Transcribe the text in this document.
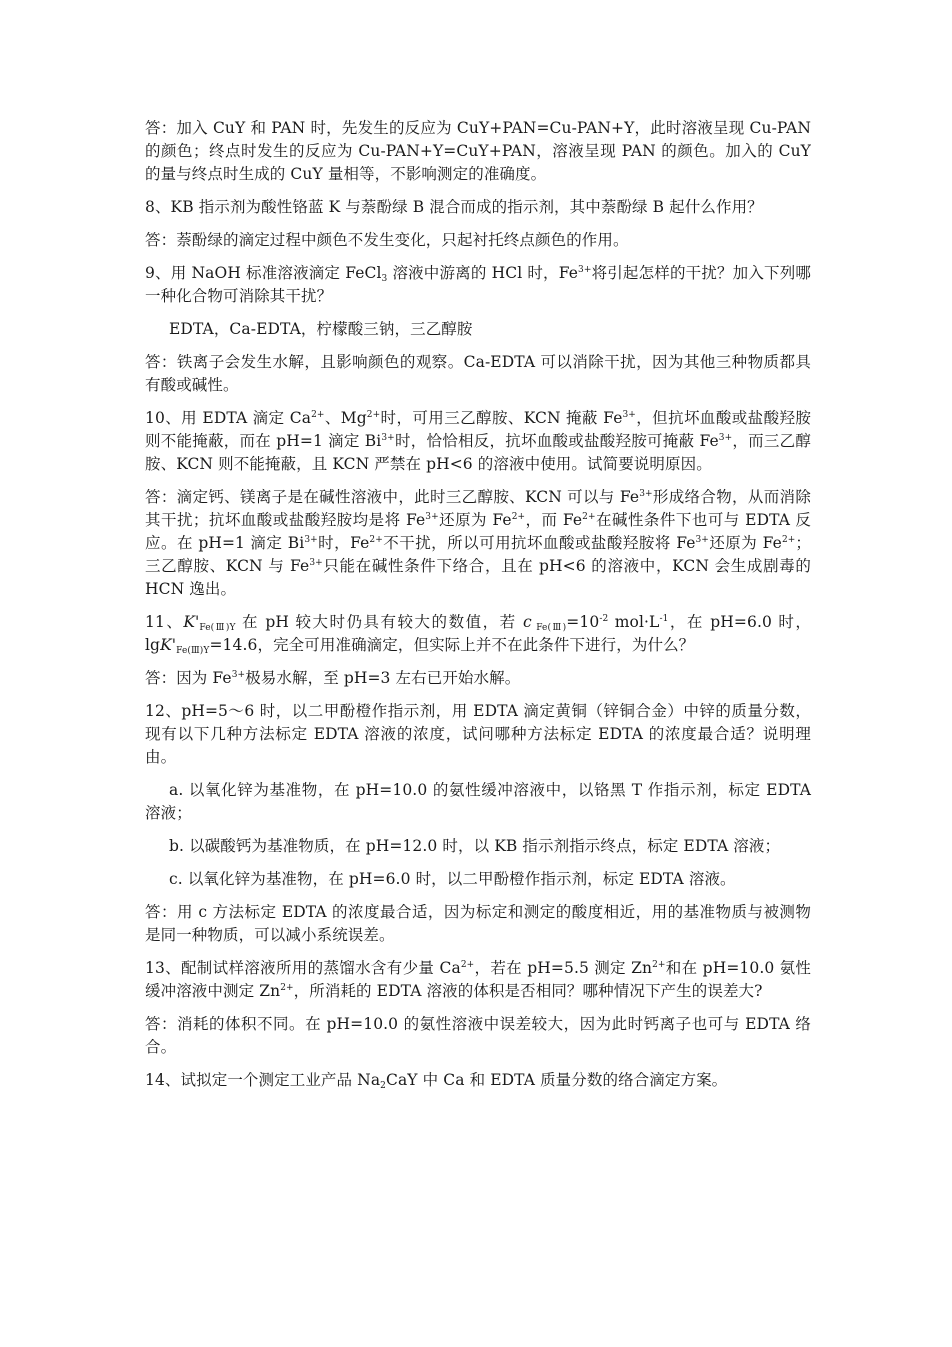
答：加入 CuY 和 PAN 时，先发生的反应为 CuY+PAN=Cu-PAN+Y，此时溶液呈现 Cu-PAN 的颜色；终点时发生的反应为 Cu-PAN+Y=CuY+PAN，溶液呈现 PAN 的颜色。加入的 CuY 的量与终点时生成的 CuY 量相等，不影响测定的准确度。

8、KB 指示剂为酸性铬蓝 K 与萘酚绿 B 混合而成的指示剂，其中萘酚绿 B 起什么作用？

答：萘酚绿的滴定过程中颜色不发生变化，只起衬托终点颜色的作用。

9、用 NaOH 标准溶液滴定 FeCl$_3$ 溶液中游离的 HCl 时，$Fe^{3+}$将引起怎样的干扰？加入下列哪一种化合物可消除其干扰？

EDTA，Ca-EDTA，柠檬酸三钠，三乙醇胺

答：铁离子会发生水解，且影响颜色的观察。Ca-EDTA 可以消除干扰，因为其他三种物质都具有酸或碱性。

10、用 EDTA 滴定 $Ca^{2+}$、$Mg^{2+}$时，可用三乙醇胺、KCN 掩蔽 $Fe^{3+}$，但抗坏血酸或盐酸羟胺则不能掩蔽，而在 pH=1 滴定 $Bi^{3+}$时，恰恰相反，抗坏血酸或盐酸羟胺可掩蔽 $Fe^{3+}$，而三乙醇胺、KCN 则不能掩蔽，且 KCN 严禁在 pH<6 的溶液中使用。试简要说明原因。

答：滴定钙、镁离子是在碱性溶液中，此时三乙醇胺、KCN 可以与 $Fe^{3+}$形成络合物，从而消除其干扰；抗坏血酸或盐酸羟胺均是将 $Fe^{3+}$还原为 $Fe^{2+}$，而 $Fe^{2+}$在碱性条件下也可与 EDTA 反应。在 pH=1 滴定 $Bi^{3+}$时，$Fe^{2+}$不干扰，所以可用抗坏血酸或盐酸羟胺将 $Fe^{3+}$还原为 $Fe^{2+}$；三乙醇胺、KCN 与 $Fe^{3+}$只能在碱性条件下络合，且在 pH<6 的溶液中，KCN 会生成剧毒的 HCN 逸出。

11、$K'_{Fe(Ⅲ)Y}$ 在 pH 较大时仍具有较大的数值，若 c $_{Fe(Ⅲ)}=10^{-2}$ $mol\cdot L^{-1}$，在 pH=6.0 时，$\lg K'_{Fe(Ⅲ)Y}=14.6$，完全可用准确滴定，但实际上并不在此条件下进行，为什么？

答：因为 $Fe^{3+}$极易水解，至 pH=3 左右已开始水解。

12、pH=5～6 时，以二甲酚橙作指示剂，用 EDTA 滴定黄铜（锌铜合金）中锌的质量分数，现有以下几种方法标定 EDTA 溶液的浓度，试问哪种方法标定 EDTA 的浓度最合适？说明理由。

a. 以氧化锌为基准物，在 pH=10.0 的氨性缓冲溶液中，以铬黑 T 作指示剂，标定 EDTA 溶液；

b. 以碳酸钙为基准物质，在 pH=12.0 时，以 KB 指示剂指示终点，标定 EDTA 溶液；

c. 以氧化锌为基准物，在 pH=6.0 时，以二甲酚橙作指示剂，标定 EDTA 溶液。

答：用 c 方法标定 EDTA 的浓度最合适，因为标定和测定的酸度相近，用的基准物质与被测物是同一种物质，可以减小系统误差。

13、配制试样溶液所用的蒸馏水含有少量 $Ca^{2+}$，若在 pH=5.5 测定 $Zn^{2+}$和在 pH=10.0 氨性缓冲溶液中测定 $Zn^{2+}$，所消耗的 EDTA 溶液的体积是否相同？哪种情况下产生的误差大?

答：消耗的体积不同。在 pH=10.0 的氨性溶液中误差较大，因为此时钙离子也可与 EDTA 络合。

14、试拟定一个测定工业产品 $Na_2CaY$ 中 Ca 和 EDTA 质量分数的络合滴定方案。
